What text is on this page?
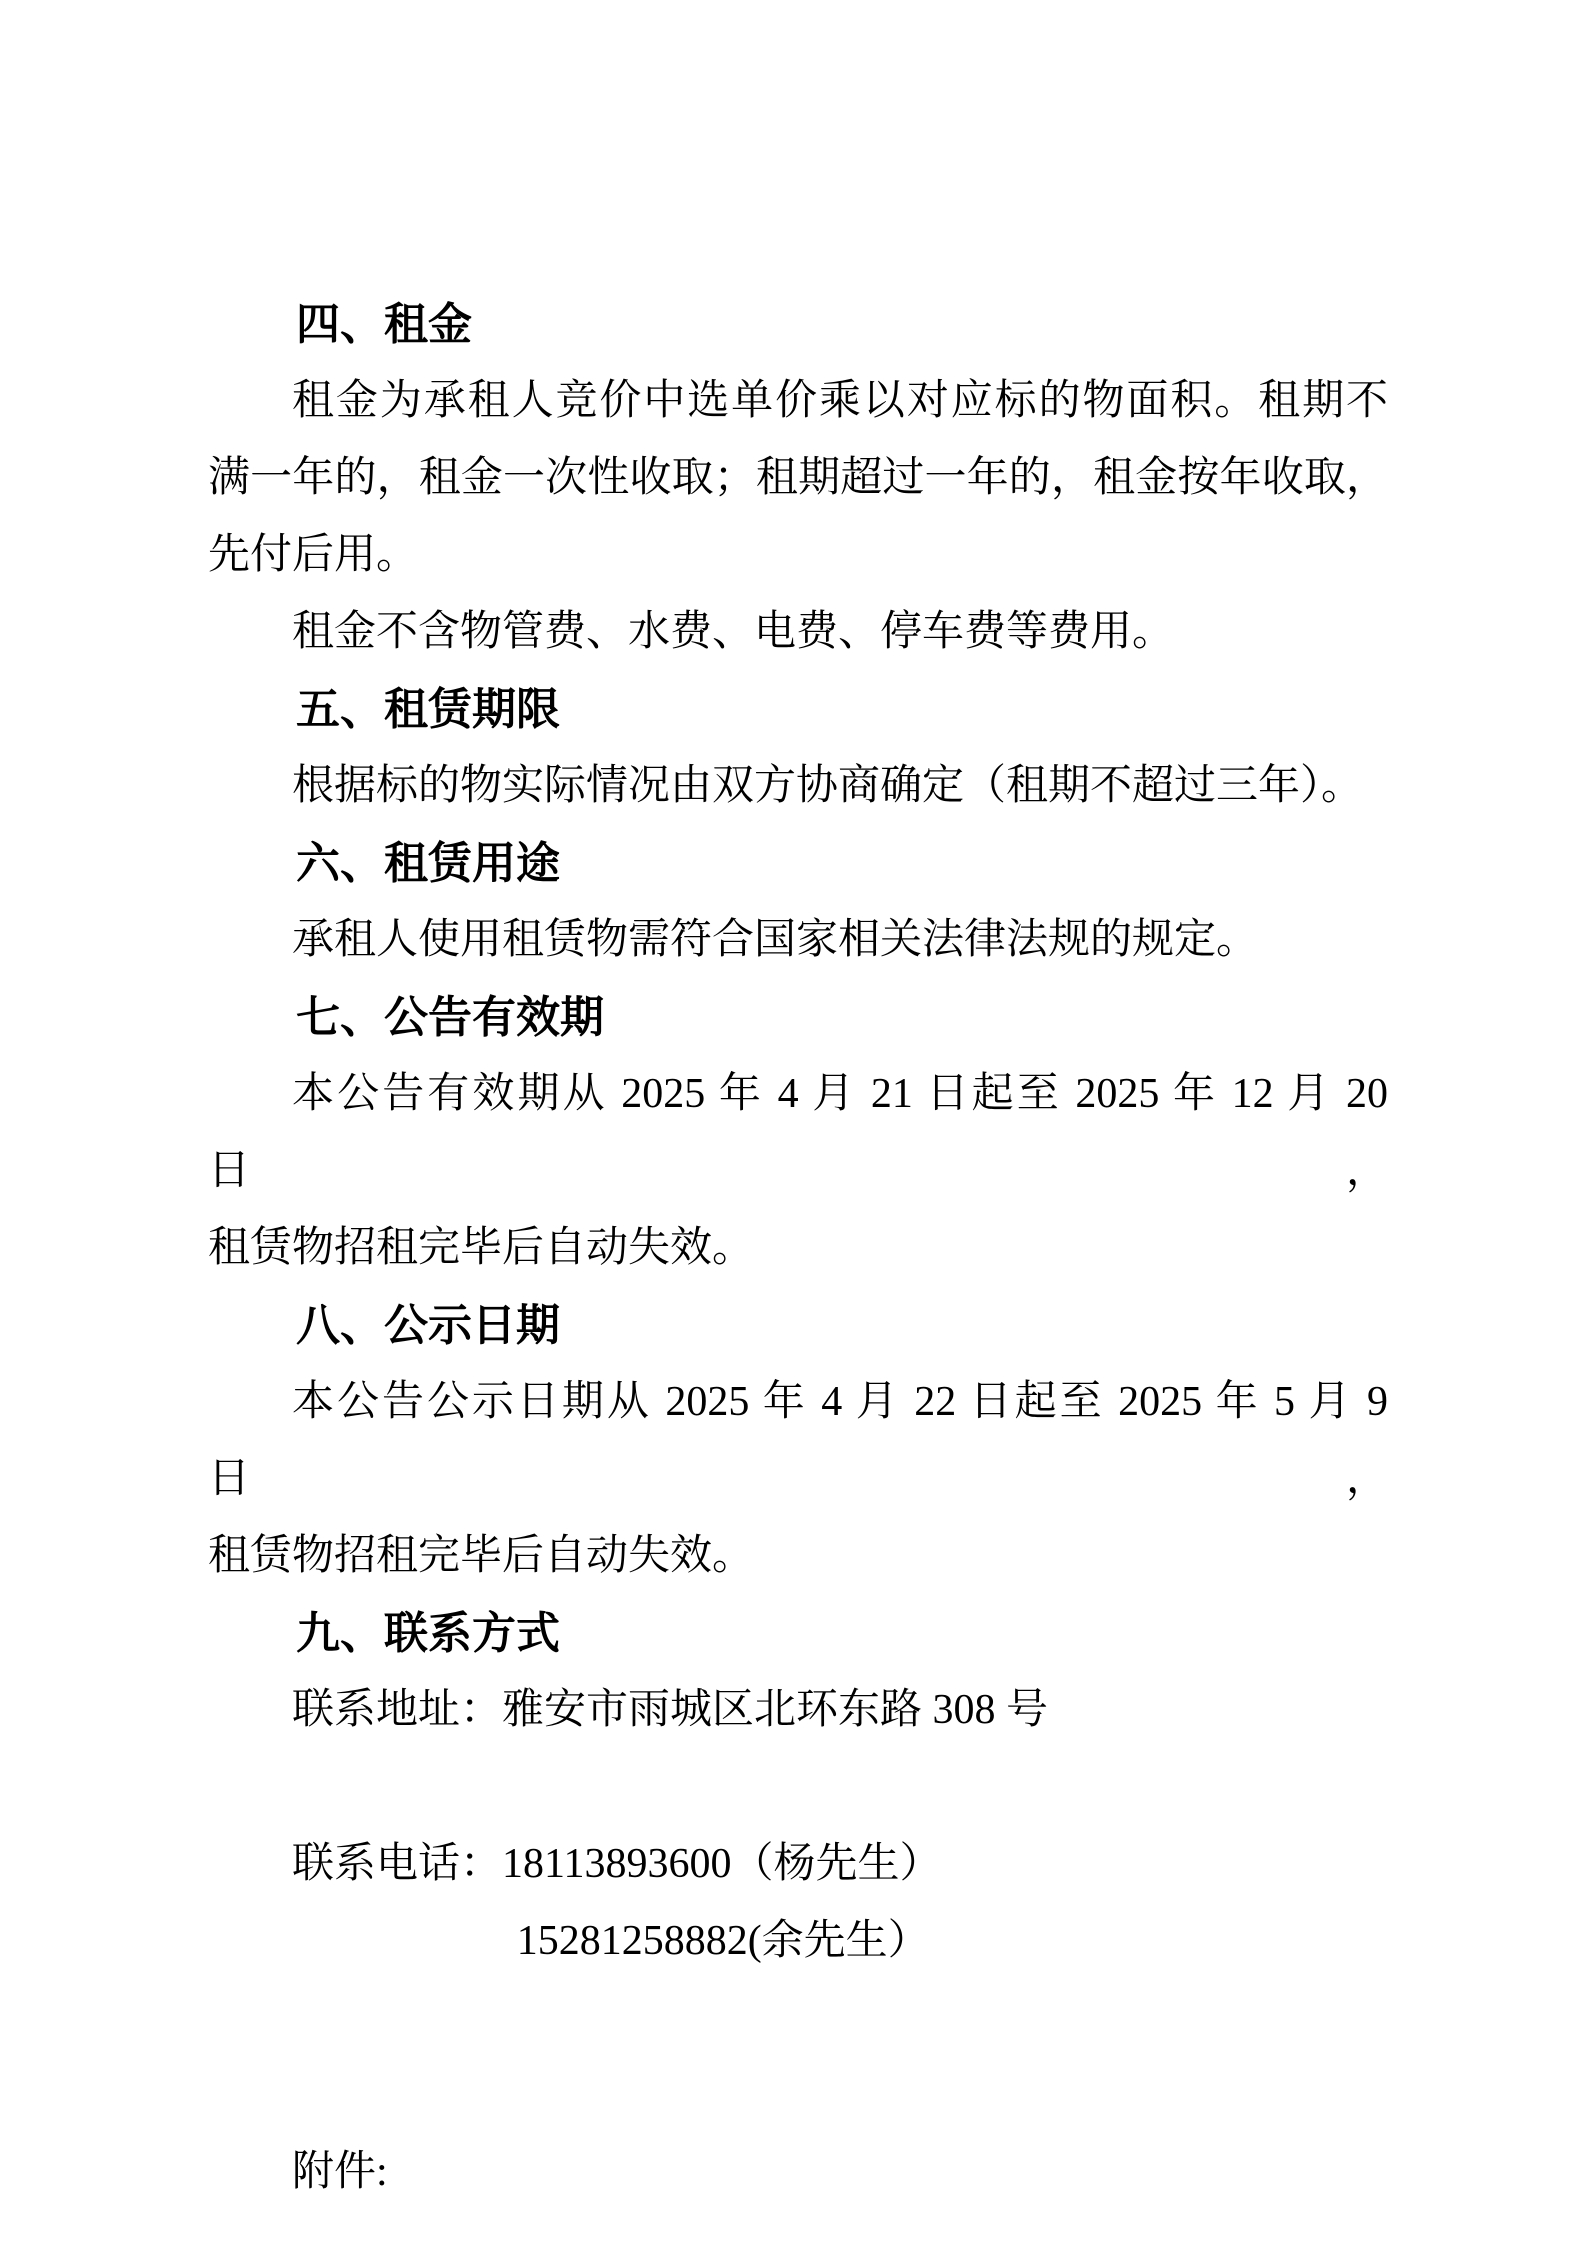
四、租金
租金为承租人竞价中选单价乘以对应标的物面积。租期不
满一年的，租金一次性收取；租期超过一年的，租金按年收取，
先付后用。
租金不含物管费、水费、电费、停车费等费用。
五、租赁期限
根据标的物实际情况由双方协商确定（租期不超过三年）。
六、租赁用途
承租人使用租赁物需符合国家相关法律法规的规定。
七、公告有效期
本公告有效期从 2025 年 4 月 21 日起至 2025 年 12 月 20 日，
租赁物招租完毕后自动失效。
八、公示日期
本公告公示日期从 2025 年 4 月 22 日起至 2025 年 5 月 9 日，
租赁物招租完毕后自动失效。
九、联系方式
联系地址：雅安市雨城区北环东路 308 号
联系电话：18113893600（杨先生）
15281258882(余先生）
附件:
